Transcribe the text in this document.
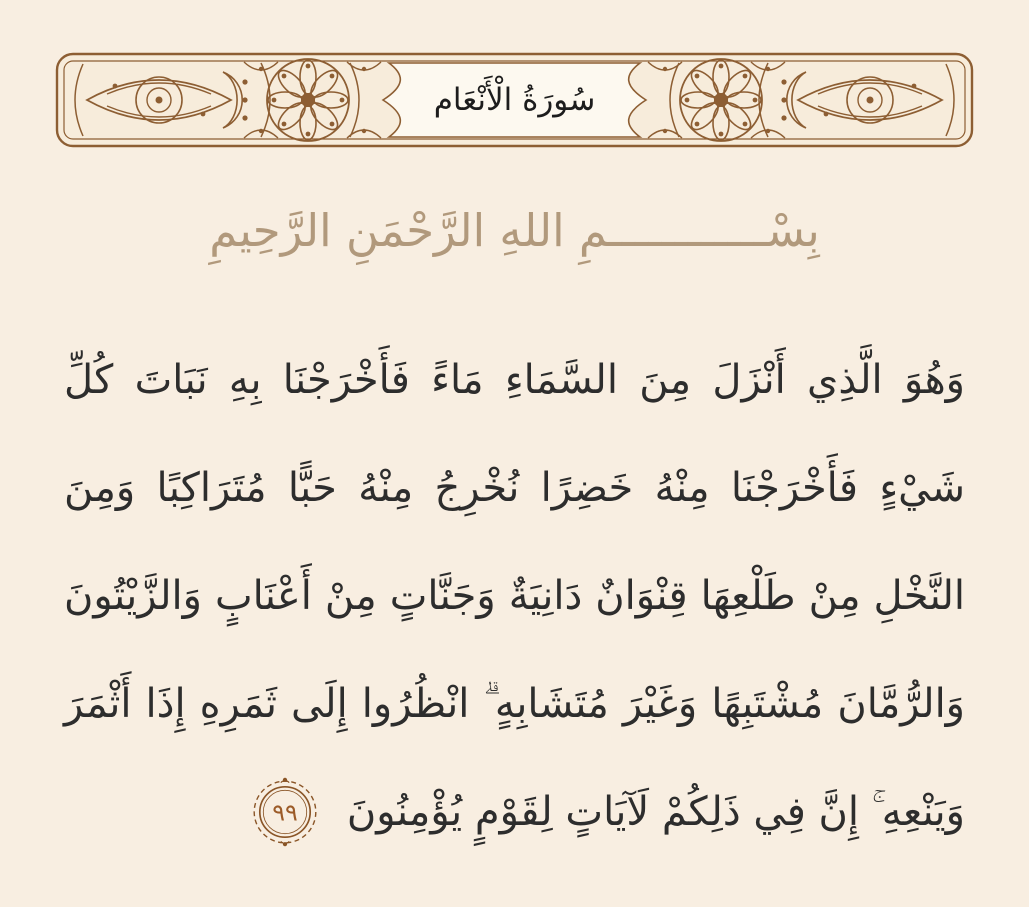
سُورَةُ الْأَنْعَام
بِسْــــــــــــمِ اللهِ الرَّحْمَنِ الرَّحِيمِ
وَهُوَ الَّذِي أَنْزَلَ مِنَ السَّمَاءِ مَاءً فَأَخْرَجْنَا بِهِ نَبَاتَ كُلِّ
شَيْءٍ فَأَخْرَجْنَا مِنْهُ خَضِرًا نُخْرِجُ مِنْهُ حَبًّا مُتَرَاكِبًا وَمِنَ
النَّخْلِ مِنْ طَلْعِهَا قِنْوَانٌ دَانِيَةٌ وَجَنَّاتٍ مِنْ أَعْنَابٍ وَالزَّيْتُونَ
وَالرُّمَّانَ مُشْتَبِهًا وَغَيْرَ مُتَشَابِهٍ ۗ انْظُرُوا إِلَى ثَمَرِهِ إِذَا أَثْمَرَ
وَيَنْعِهِ ۚ إِنَّ فِي ذَلِكُمْ لَآيَاتٍ لِقَوْمٍ يُؤْمِنُونَ
٩٩
